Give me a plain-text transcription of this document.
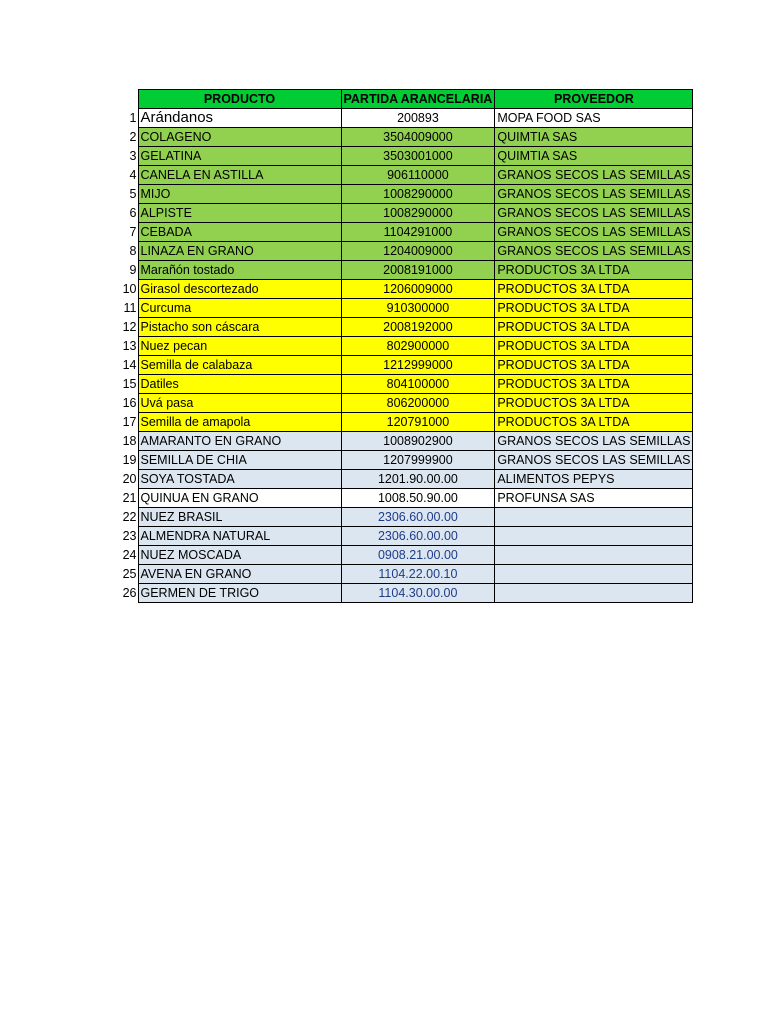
	PRODUCTO	PARTIDA ARANCELARIA	PROVEEDOR
1	Arándanos	200893	MOPA FOOD SAS
2	COLAGENO	3504009000	QUIMTIA SAS
3	GELATINA	3503001000	QUIMTIA SAS
4	CANELA EN ASTILLA	906110000	GRANOS SECOS LAS SEMILLAS
5	MIJO	1008290000	GRANOS SECOS LAS SEMILLAS
6	ALPISTE	1008290000	GRANOS SECOS LAS SEMILLAS
7	CEBADA	1104291000	GRANOS SECOS LAS SEMILLAS
8	LINAZA EN GRANO	1204009000	GRANOS SECOS LAS SEMILLAS
9	Marañón tostado	2008191000	PRODUCTOS 3A LTDA
10	Girasol descortezado	1206009000	PRODUCTOS 3A LTDA
11	Curcuma	910300000	PRODUCTOS 3A LTDA
12	Pistacho son cáscara	2008192000	PRODUCTOS 3A LTDA
13	Nuez pecan	802900000	PRODUCTOS 3A LTDA
14	Semilla de calabaza	1212999000	PRODUCTOS 3A LTDA
15	Datiles	804100000	PRODUCTOS 3A LTDA
16	Uvá pasa	806200000	PRODUCTOS 3A LTDA
17	Semilla de amapola	120791000	PRODUCTOS 3A LTDA
18	AMARANTO EN GRANO	1008902900	GRANOS SECOS LAS SEMILLAS
19	SEMILLA DE CHIA	1207999900	GRANOS SECOS LAS SEMILLAS
20	SOYA TOSTADA	1201.90.00.00	ALIMENTOS PEPYS
21	QUINUA EN GRANO	1008.50.90.00	PROFUNSA SAS
22	NUEZ BRASIL	2306.60.00.00	
23	ALMENDRA NATURAL	2306.60.00.00	
24	NUEZ MOSCADA	0908.21.00.00	
25	AVENA EN GRANO	1104.22.00.10	
26	GERMEN DE TRIGO	1104.30.00.00	
